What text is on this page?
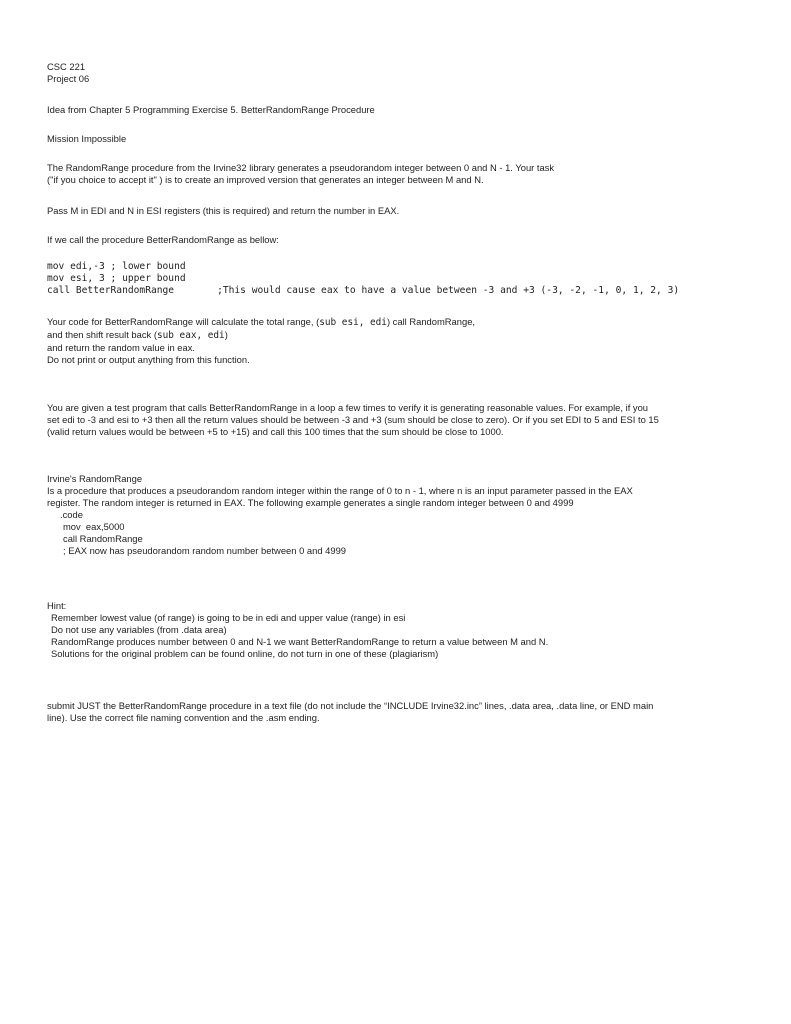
CSC 221
Project 06
Idea from Chapter 5 Programming Exercise 5. BetterRandomRange Procedure
Mission Impossible
The RandomRange procedure from the Irvine32 library generates a pseudorandom integer between 0 and N - 1. Your task
("if you choice to accept it" ) is to create an improved version that generates an integer between M and N.
Pass M in EDI and N in ESI registers (this is required) and return the number in EAX.
If we call the procedure BetterRandomRange as bellow:
mov edi,-3 ; lower bound
mov esi, 3 ; upper bound
call BetterRandomRange	;This would cause eax to have a value between -3 and +3 (-3, -2, -1, 0, 1, 2, 3)
Your code for BetterRandomRange will calculate the total range, (sub esi, edi) call RandomRange,
and then shift result back (sub eax, edi)
and return the random value in eax.
Do not print or output anything from this function.
You are given a test program that calls BetterRandomRange in a loop a few times to verify it is generating reasonable values. For example, if you
set edi to -3 and esi to +3 then all the return values should be between -3 and +3 (sum should be close to zero). Or if you set EDI to 5 and ESI to 15
(valid return values would be between +5 to +15) and call this 100 times that the sum should be close to 1000.
Irvine's RandomRange
Is a procedure that produces a pseudorandom random integer within the range of 0 to n - 1, where n is an input parameter passed in the EAX
register. The random integer is returned in EAX. The following example generates a single random integer between 0 and 4999
.code
mov  eax,5000
call RandomRange
; EAX now has pseudorandom random number between 0 and 4999
Hint:
Remember lowest value (of range) is going to be in edi and upper value (range) in esi
Do not use any variables (from .data area)
RandomRange produces number between 0 and N-1 we want BetterRandomRange to return a value between M and N.
Solutions for the original problem can be found online, do not turn in one of these (plagiarism)
submit JUST the BetterRandomRange procedure in a text file (do not include the “INCLUDE Irvine32.inc” lines, .data area, .data line, or END main
line). Use the correct file naming convention and the .asm ending.
